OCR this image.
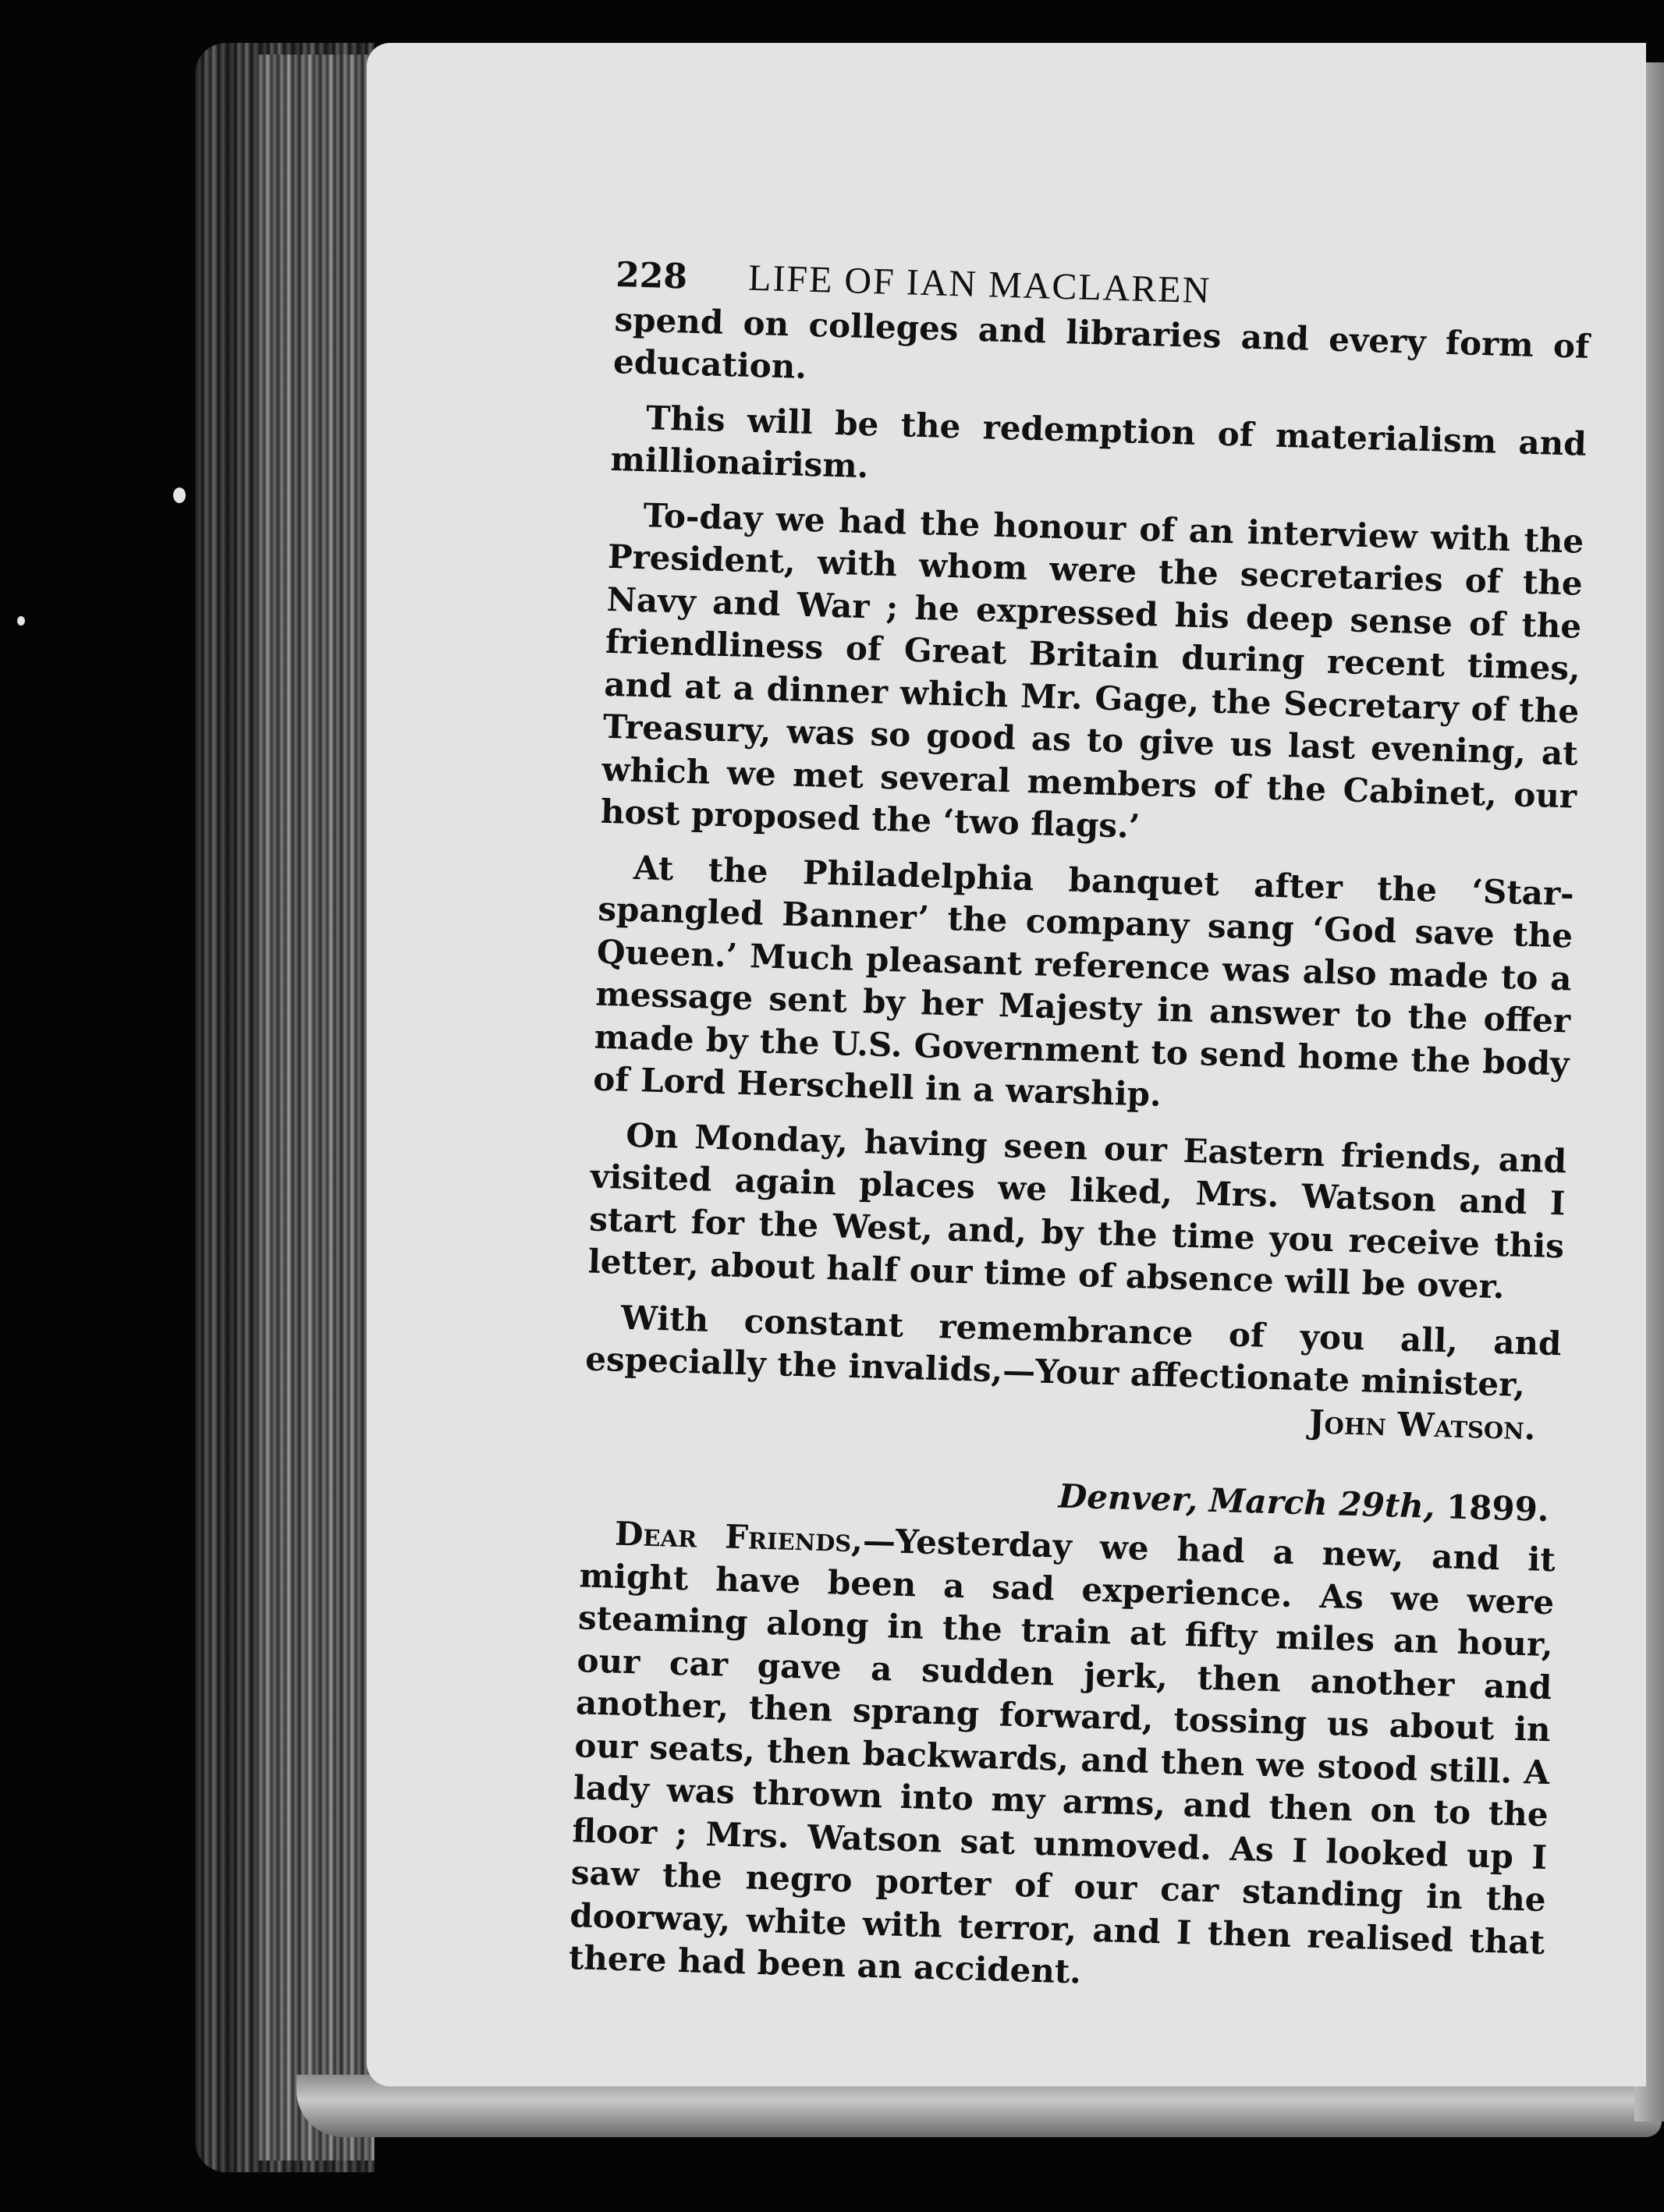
228	LIFE OF IAN MACLAREN

spend on colleges and libraries and every form of education.

This will be the redemption of materialism and millionairism.

To-day we had the honour of an interview with the President, with whom were the secretaries of the Navy and War ; he expressed his deep sense of the friendliness of Great Britain during recent times, and at a dinner which Mr. Gage, the Secretary of the Treasury, was so good as to give us last evening, at which we met several members of the Cabinet, our host proposed the ‘two flags.’

At the Philadelphia banquet after the ‘Star-spangled Banner’ the company sang ‘God save the Queen.’ Much pleasant reference was also made to a message sent by her Majesty in answer to the offer made by the U.S. Government to send home the body of Lord Herschell in a warship.

On Monday, having seen our Eastern friends, and visited again places we liked, Mrs. Watson and I start for the West, and, by the time you receive this letter, about half our time of absence will be over.

With constant remembrance of you all, and especially the invalids,—Your affectionate minister,
John Watson.

Denver, March 29th, 1899.

Dear Friends,—Yesterday we had a new, and it might have been a sad experience. As we were steaming along in the train at fifty miles an hour, our car gave a sudden jerk, then another and another, then sprang forward, tossing us about in our seats, then backwards, and then we stood still. A lady was thrown into my arms, and then on to the floor ; Mrs. Watson sat unmoved. As I looked up I saw the negro porter of our car standing in the doorway, white with terror, and I then realised that there had been an accident.
